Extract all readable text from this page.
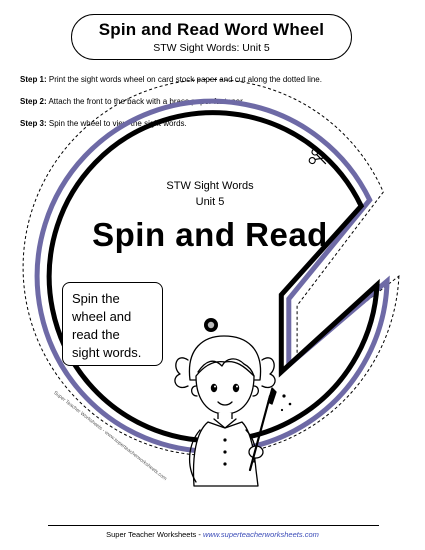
Spin and Read Word Wheel
STW Sight Words: Unit 5
Step 1: Print the sight words wheel on card stock paper and cut along the dotted line.
Step 2: Attach the front to the back with a brass paper fastener.
Step 3: Spin the wheel to view the sight words.
STW Sight Words
Unit 5
Spin and Read
Spin the
wheel and
read the
sight words.
Super Teacher Worksheets - www.superteacherworksheets.com
Super Teacher Worksheets - www.superteacherworksheets.com
